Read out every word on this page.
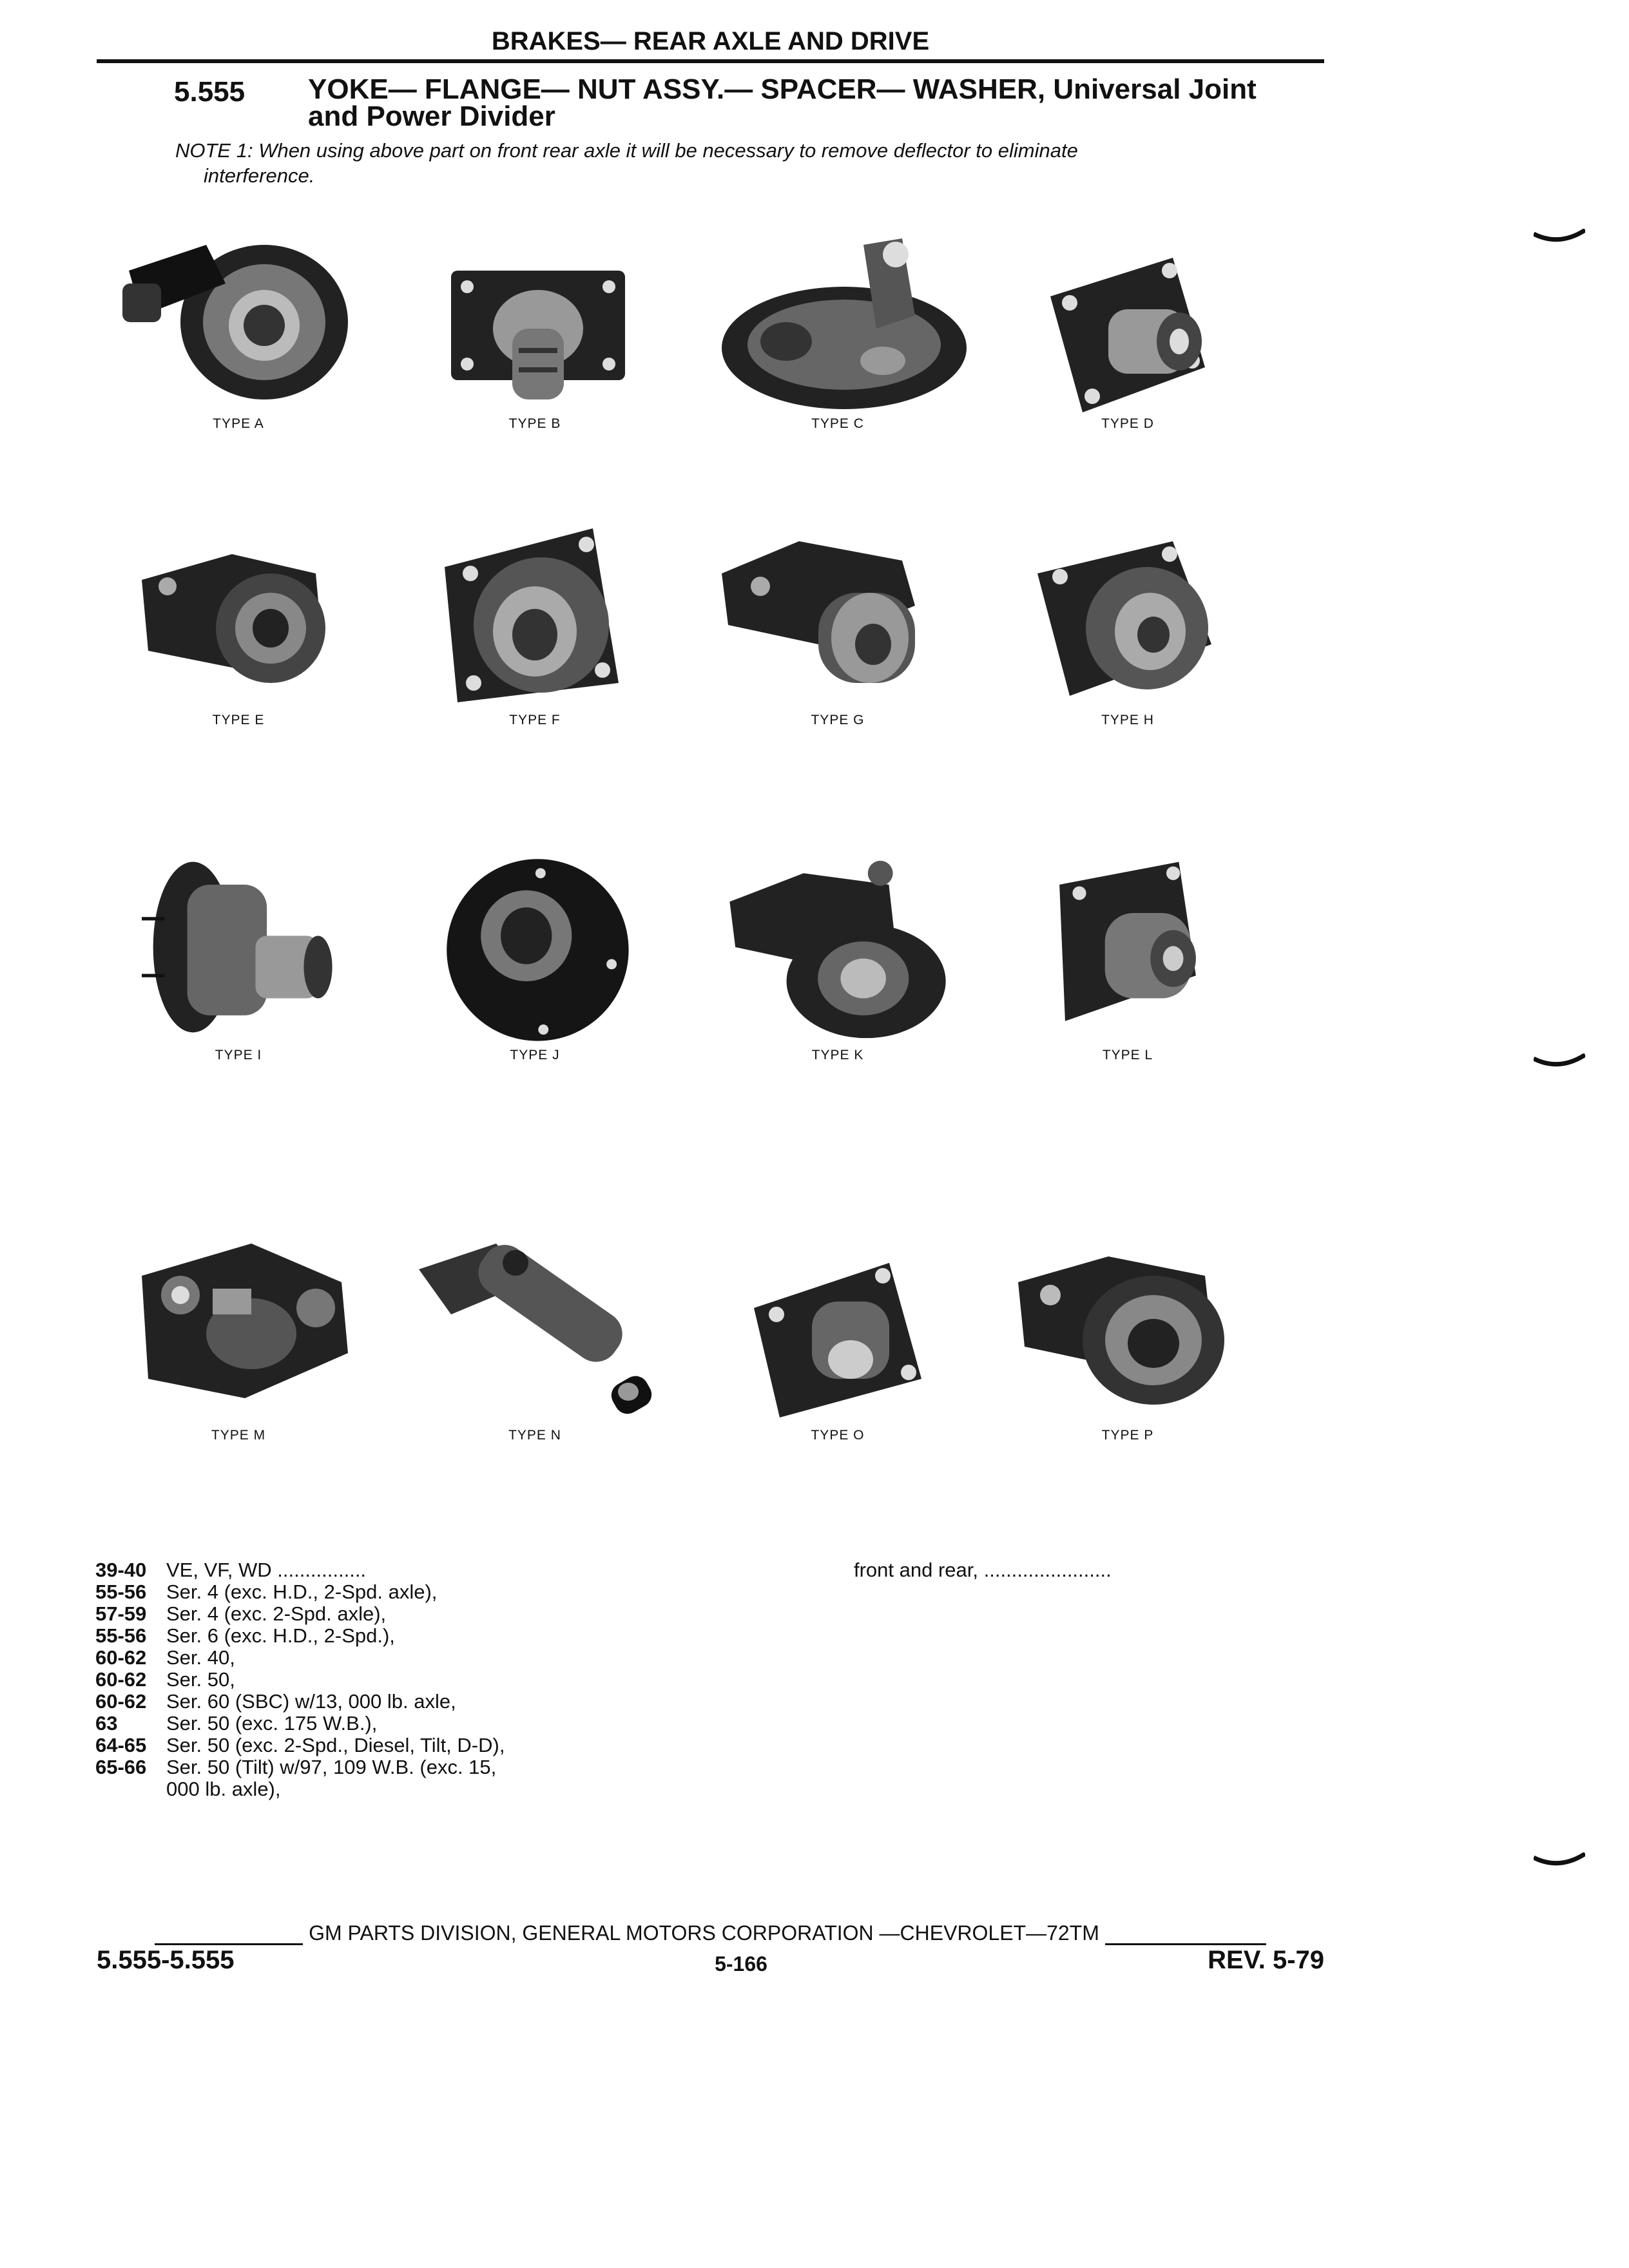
BRAKES— REAR AXLE AND DRIVE
5.555 YOKE— FLANGE— NUT ASSY.— SPACER— WASHER, Universal Joint and Power Divider
NOTE 1: When using above part on front rear axle it will be necessary to remove deflector to eliminate
interference.
TYPE A	TYPE B	TYPE C	TYPE D
TYPE E	TYPE F	TYPE G	TYPE H
TYPE I	TYPE J	TYPE K	TYPE L
TYPE M	TYPE N	TYPE O	TYPE P
39-40 VE, VF, WD ................
55-56 Ser. 4 (exc. H.D., 2-Spd. axle),
57-59 Ser. 4 (exc. 2-Spd. axle),
55-56 Ser. 6 (exc. H.D., 2-Spd.),
60-62 Ser. 40,
60-62 Ser. 50,
60-62 Ser. 60 (SBC) w/13, 000 lb. axle,
63	Ser. 50 (exc. 175 W.B.),
64-65 Ser. 50 (exc. 2-Spd., Diesel, Tilt, D-D),
65-66 Ser. 50 (Tilt) w/97, 109 W.B. (exc. 15, 000 lb. axle),
front and rear, .......................
GM PARTS DIVISION, GENERAL MOTORS CORPORATION —CHEVROLET—72TM
5.555-5.555	5-166	REV. 5-79
